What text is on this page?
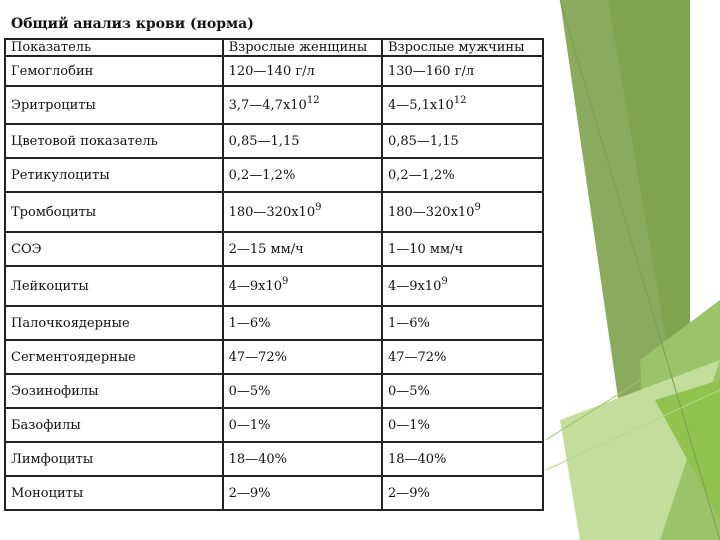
Общий анализ крови (норма)		
Показатель	Взрослые женщины	Взрослые мужчины
Гемоглобин	120—140 г/л	130—160 г/л
Эритроциты	$3,7—4,7х10^{12}$	$4—5,1х10^{12}$
Цветовой показатель	0,85—1,15	0,85—1,15
Ретикулоциты	0,2—1,2%	0,2—1,2%
Тромбоциты	$180—320х10^9$	$180—320х10^9$
СОЭ	2—15 мм/ч	1—10 мм/ч
Лейкоциты	$4—9х10^9$	$4—9х10^9$
Палочкоядерные	1—6%	1—6%
Сегментоядерные	47—72%	47—72%
Эозинофилы	0—5%	0—5%
Базофилы	0—1%	0—1%
Лимфоциты	18—40%	18—40%
Моноциты	2—9%	2—9%
